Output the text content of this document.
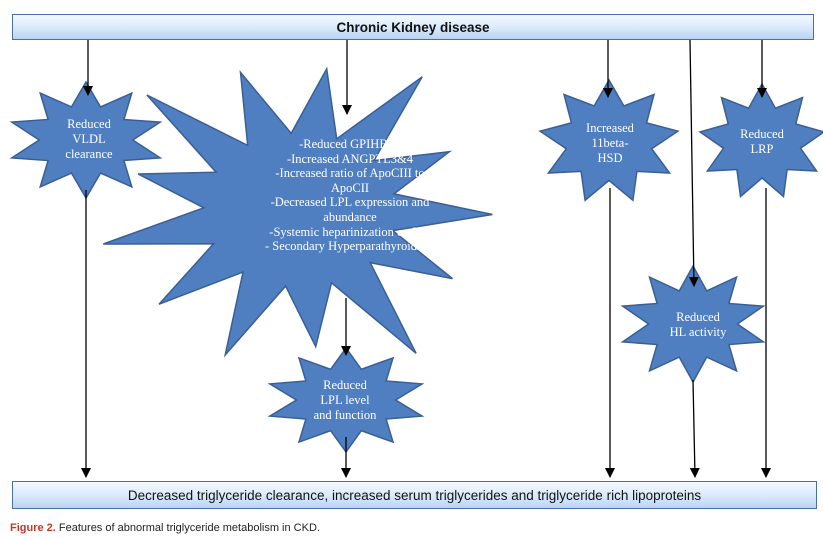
Chronic Kidney disease
Decreased triglyceride clearance, increased serum triglycerides and triglyceride rich lipoproteins
Reduced
VLDL
clearance
-Reduced GPIHBP1
-Increased ANGPTL3&4
-Increased ratio of ApoCIII to
ApoCII
-Decreased LPL expression and
abundance
-Systemic heparinization on HD
- Secondary Hyperparathyroidism
Reduced
LPL level
and function
Increased
11beta-
HSD
Reduced
LRP
Reduced
HL activity
Figure 2. Features of abnormal triglyceride metabolism in CKD.
